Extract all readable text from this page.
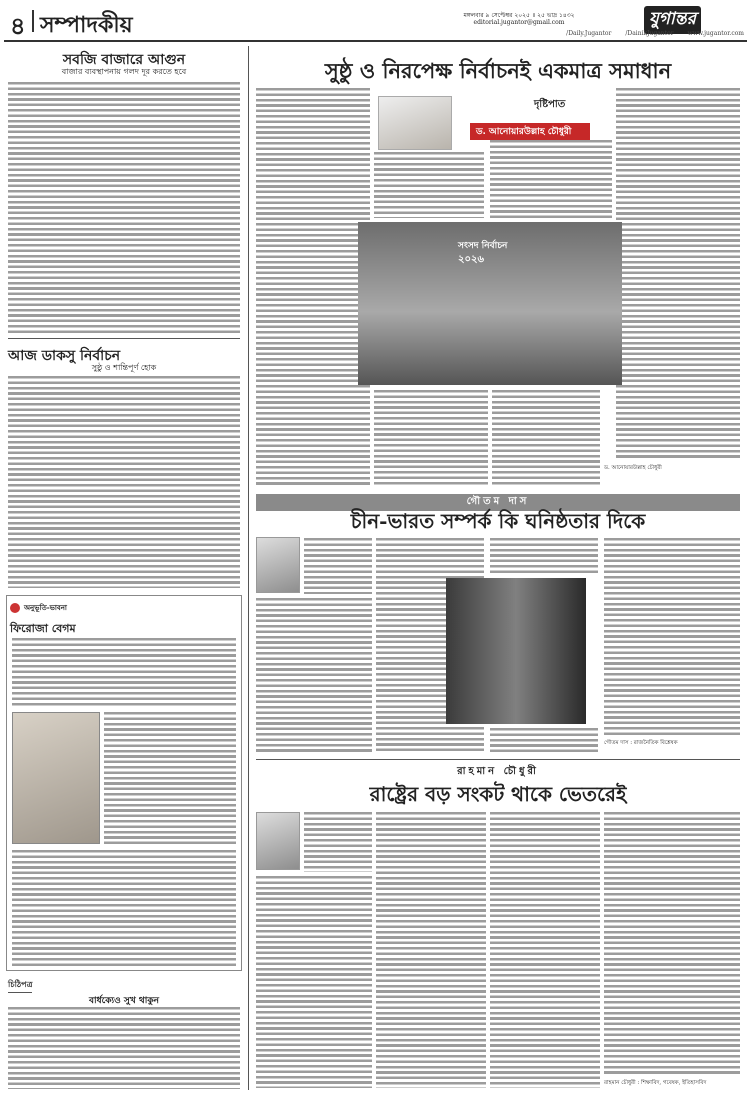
৪ সম্পাদকীয়	মঙ্গলবার ৯ সেপ্টেম্বর ২০২৫ ॥ ২৫ ভাদ্র ১৪৩২
editorial.jugantor@gmail.com	যুগান্তর
/Daily.Jugantor /DainikJugantor www.jugantor.com
সবজি বাজারে আগুন
বাজার ব্যবস্থাপনায় গলদ দূর করতে হবে
আজ ডাকসু নির্বাচন
সুষ্ঠু ও শান্তিপূর্ণ হোক
অনুভূতি-ভাবনা
ফিরোজা বেগম
চিঠিপত্র
বার্ধক্যেও সুখ থাকুন
সুষ্ঠু ও নিরপেক্ষ নির্বাচনই একমাত্র সমাধান
দৃষ্টিপাত
ড. আনোয়ারউল্লাহ চৌধুরী
সংসদ নির্বাচন
২০২৬
ড. আনোয়ারউল্লাহ চৌধুরী
গৌতম দাস
চীন-ভারত সম্পর্ক কি ঘনিষ্ঠতার দিকে
গৌতম দাস : রাজনৈতিক বিশ্লেষক
রাহমান চৌধুরী
রাষ্ট্রের বড় সংকট থাকে ভেতরেই
রাহমান চৌধুরী : শিক্ষাবিদ, গবেষক, ইতিহাসবিদ
